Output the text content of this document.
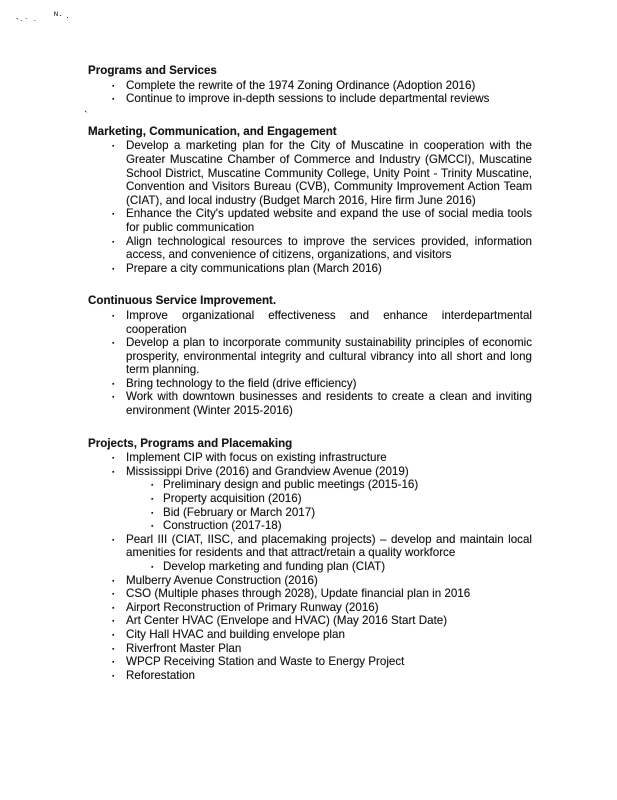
-.· . ᴺ· .
`
Programs and Services
▪ Complete the rewrite of the 1974 Zoning Ordinance (Adoption 2016)
▪ Continue to improve in-depth sessions to include departmental reviews
Marketing, Communication, and Engagement
▪ Develop a marketing plan for the City of Muscatine in cooperation with the Greater Muscatine Chamber of Commerce and Industry (GMCCI), Muscatine School District, Muscatine Community College, Unity Point - Trinity Muscatine, Convention and Visitors Bureau (CVB), Community Improvement Action Team (CIAT), and local industry (Budget March 2016, Hire firm June 2016)
▪ Enhance the City's updated website and expand the use of social media tools for public communication
▪ Align technological resources to improve the services provided, information access, and convenience of citizens, organizations, and visitors
▪ Prepare a city communications plan (March 2016)
Continuous Service Improvement.
▪ Improve organizational effectiveness and enhance interdepartmental cooperation
▪ Develop a plan to incorporate community sustainability principles of economic prosperity, environmental integrity and cultural vibrancy into all short and long term planning.
▪ Bring technology to the field (drive efficiency)
▪ Work with downtown businesses and residents to create a clean and inviting environment (Winter 2015-2016)
Projects, Programs and Placemaking
▪ Implement CIP with focus on existing infrastructure
▪ Mississippi Drive (2016) and Grandview Avenue (2019)
▪ Preliminary design and public meetings (2015-16)
▪ Property acquisition (2016)
▪ Bid (February or March 2017)
▪ Construction (2017-18)
▪ Pearl III (CIAT, IISC, and placemaking projects) – develop and maintain local amenities for residents and that attract/retain a quality workforce
▪ Develop marketing and funding plan (CIAT)
▪ Mulberry Avenue Construction (2016)
▪ CSO (Multiple phases through 2028), Update financial plan in 2016
▪ Airport Reconstruction of Primary Runway (2016)
▪ Art Center HVAC (Envelope and HVAC) (May 2016 Start Date)
▪ City Hall HVAC and building envelope plan
▪ Riverfront Master Plan
▪ WPCP Receiving Station and Waste to Energy Project
▪ Reforestation
